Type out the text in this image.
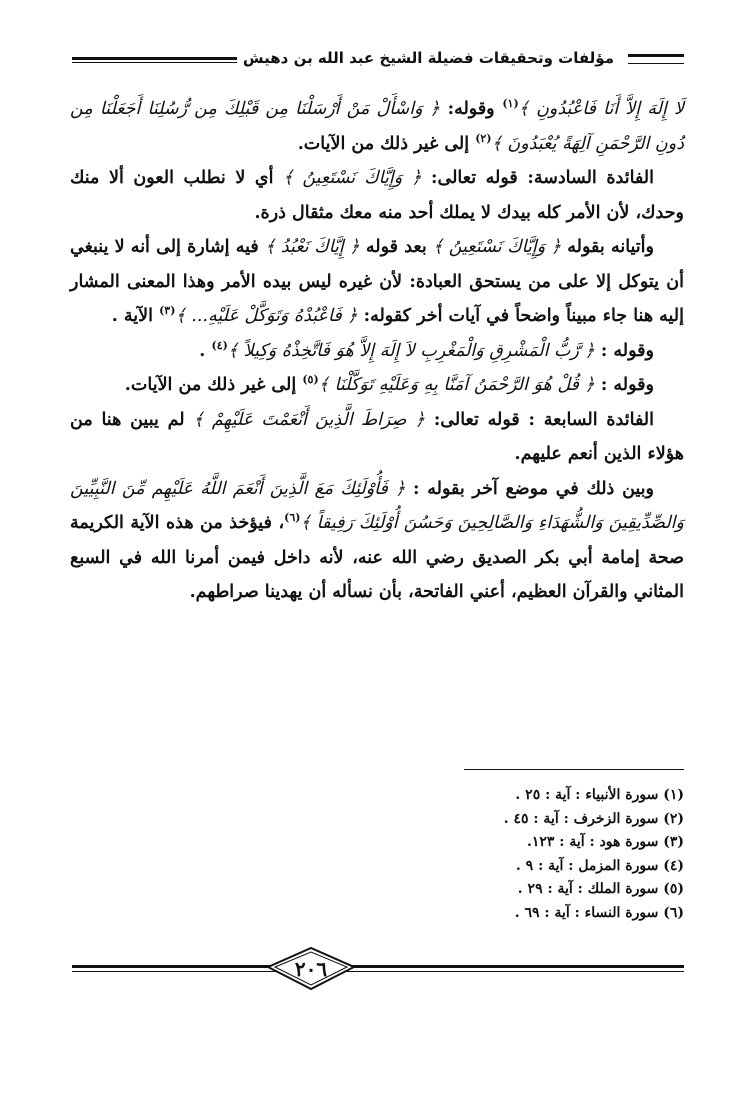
مؤلفات وتحقيقات فضيلة الشيخ عبد الله بن دهيش

لَا إِلَهَ إِلاَّ أَنَا فَاعْبُدُونِ ﴾$^{(١)}$ وقوله: ﴿ وَاسْأَلْ مَنْ أَرْسَلْنَا مِن قَبْلِكَ مِن رُّسُلِنَا أَجَعَلْنَا مِن دُونِ الرَّحْمَنِ آلِهَةً يُعْبَدُونَ ﴾$^{(٢)}$ إلى غير ذلك من الآيات.

الفائدة السادسة: قوله تعالى: ﴿ وَإِيَّاكَ نَسْتَعِينُ ﴾ أي لا نطلب العون ألا منك وحدك، لأن الأمر كله بيدك لا يملك أحد منه معك مثقال ذرة.

وأتيانه بقوله ﴿ وَإِيَّاكَ نَسْتَعِينُ ﴾ بعد قوله ﴿ إِيَّاكَ نَعْبُدُ ﴾ فيه إشارة إلى أنه لا ينبغي أن يتوكل إلا على من يستحق العبادة: لأن غيره ليس بيده الأمر وهذا المعنى المشار إليه هنا جاء مبيناً واضحاً في آيات أخر كقوله: ﴿ فَاعْبُدْهُ وَتَوَكَّلْ عَلَيْهِ... ﴾$^{(٣)}$ الآية .

وقوله : ﴿ رَّبُّ الْمَشْرِقِ وَالْمَغْرِبِ لاَ إِلَهَ إِلاَّ هُوَ فَاتَّخِذْهُ وَكِيلاً ﴾$^{(٤)}$ .

وقوله : ﴿ قُلْ هُوَ الرَّحْمَنُ آمَنَّا بِهِ وَعَلَيْهِ تَوَكَّلْنَا ﴾$^{(٥)}$ إلى غير ذلك من الآيات.

الفائدة السابعة : قوله تعالى: ﴿ صِرَاطَ الَّذِينَ أَنْعَمْتَ عَلَيْهِمْ ﴾ لم يبين هنا من هؤلاء الذين أنعم عليهم.

وبين ذلك في موضع آخر بقوله : ﴿ فَأُوْلَئِكَ مَعَ الَّذِينَ أَنْعَمَ اللَّهُ عَلَيْهِم مِّنَ النَّبِيِّينَ وَالصِّدِّيقِينَ وَالشُّهَدَاءِ وَالصَّالِحِينَ وَحَسُنَ أُوْلَئِكَ رَفِيقاً ﴾$^{(٦)}$، فيؤخذ من هذه الآية الكريمة صحة إمامة أبي بكر الصديق رضي الله عنه، لأنه داخل فيمن أمرنا الله في السبع المثاني والقرآن العظيم، أعني الفاتحة، بأن نسأله أن يهدينا صراطهم.

(١) سورة الأنبياء : آية : ٢٥ .
(٢) سورة الزخرف : آية : ٤٥ .
(٣) سورة هود : آية : ١٢٣.
(٤) سورة المزمل : آية : ٩ .
(٥) سورة الملك : آية : ٢٩ .
(٦) سورة النساء : آية : ٦٩ .
٢٠٦
